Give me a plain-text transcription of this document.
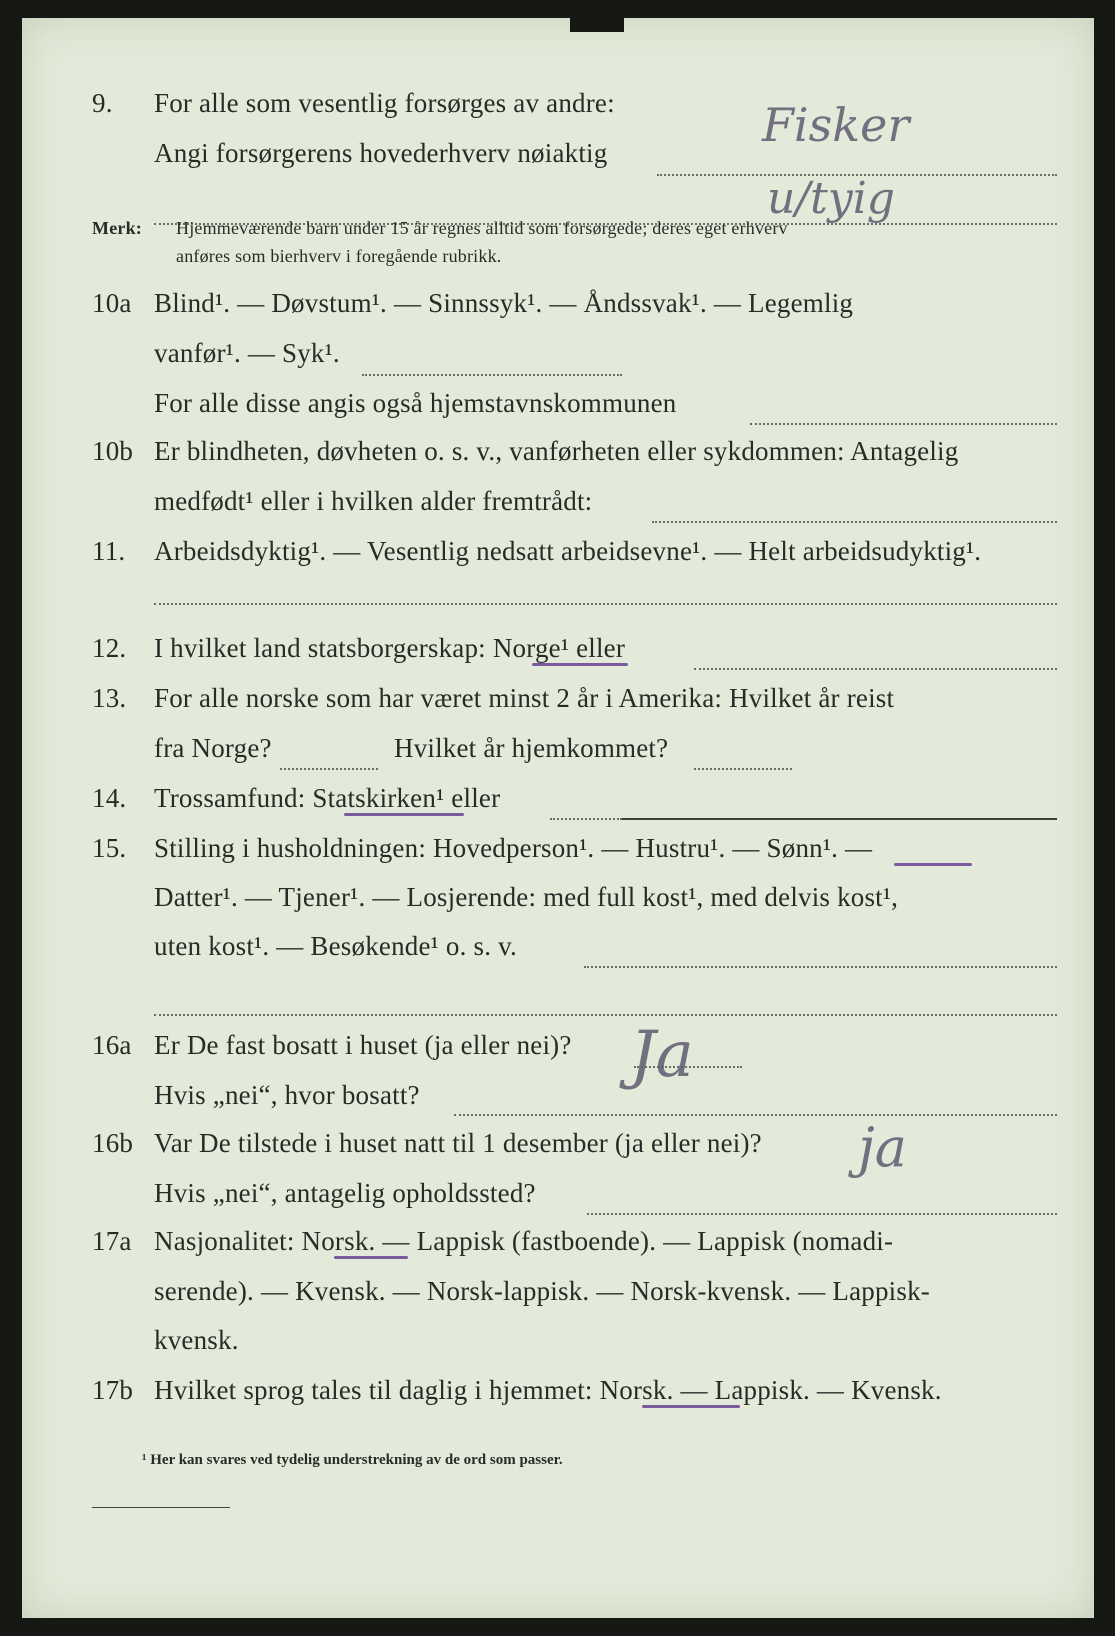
9. For alle som vesentlig forsørges av andre:
Angi forsørgerens hovederhverv nøiaktig
Fisker
u/tyig
Merk: Hjemmeværende barn under 15 år regnes alltid som forsørgede; deres eget erhverv
anføres som bierhverv i foregående rubrikk.
10a Blind¹. — Døvstum¹. — Sinnssyk¹. — Åndssvak¹. — Legemlig
vanfør¹. — Syk¹.
For alle disse angis også hjemstavnskommunen
10b Er blindheten, døvheten o. s. v., vanførheten eller sykdommen: Antagelig
medfødt¹ eller i hvilken alder fremtrådt:
11. Arbeidsdyktig¹. — Vesentlig nedsatt arbeidsevne¹. — Helt arbeidsudyktig¹.
12. I hvilket land statsborgerskap: Norge¹ eller
13. For alle norske som har været minst 2 år i Amerika: Hvilket år reist
fra Norge?	Hvilket år hjemkommet?
14. Trossamfund: Statskirken¹ eller
15. Stilling i husholdningen: Hovedperson¹. — Hustru¹. — Sønn¹. —
Datter¹. — Tjener¹. — Losjerende: med full kost¹, med delvis kost¹,
uten kost¹. — Besøkende¹ o. s. v.
16a Er De fast bosatt i huset (ja eller nei)? Ja
Hvis „nei“, hvor bosatt?
16b Var De tilstede i huset natt til 1 desember (ja eller nei)? ja
Hvis „nei“, antagelig opholdssted?
17a Nasjonalitet: Norsk. — Lappisk (fastboende). — Lappisk (nomadi-
serende). — Kvensk. — Norsk-lappisk. — Norsk-kvensk. — Lappisk-
kvensk.
17b Hvilket sprog tales til daglig i hjemmet: Norsk. — Lappisk. — Kvensk.
¹ Her kan svares ved tydelig understrekning av de ord som passer.
